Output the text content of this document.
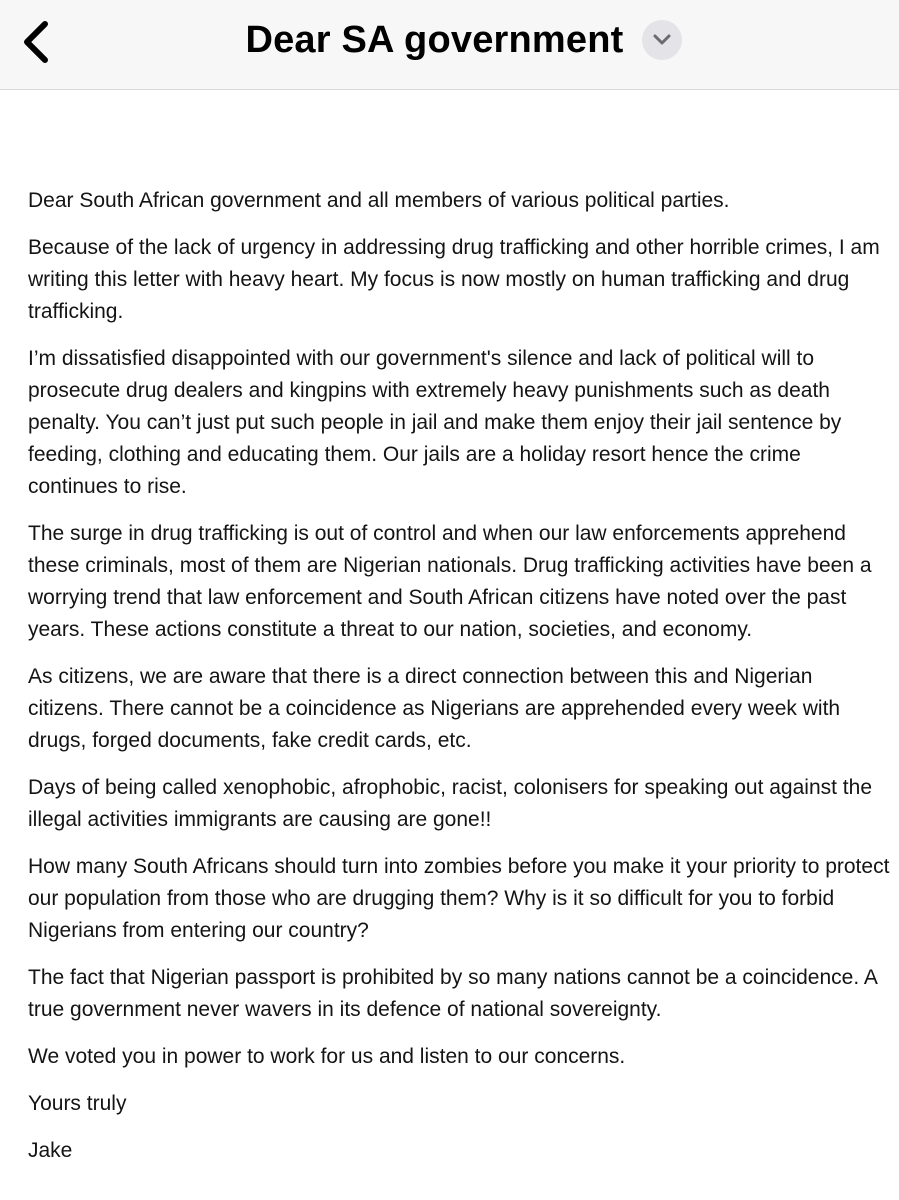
Dear SA government

Dear South African government and all members of various political parties.

Because of the lack of urgency in addressing drug trafficking and other horrible crimes, I am writing this letter with heavy heart. My focus is now mostly on human trafficking and drug trafficking.

I’m dissatisfied disappointed with our government's silence and lack of political will to prosecute drug dealers and kingpins with extremely heavy punishments such as death penalty. You can’t just put such people in jail and make them enjoy their jail sentence by feeding, clothing and educating them. Our jails are a holiday resort hence the crime continues to rise.

The surge in drug trafficking is out of control and when our law enforcements apprehend these criminals, most of them are Nigerian nationals. Drug trafficking activities have been a worrying trend that law enforcement and South African citizens have noted over the past years. These actions constitute a threat to our nation, societies, and economy.

As citizens, we are aware that there is a direct connection between this and Nigerian citizens. There cannot be a coincidence as Nigerians are apprehended every week with drugs, forged documents, fake credit cards, etc.

Days of being called xenophobic, afrophobic, racist, colonisers for speaking out against the illegal activities immigrants are causing are gone!!

How many South Africans should turn into zombies before you make it your priority to protect our population from those who are drugging them? Why is it so difficult for you to forbid Nigerians from entering our country?

The fact that Nigerian passport is prohibited by so many nations cannot be a coincidence. A true government never wavers in its defence of national sovereignty.

We voted you in power to work for us and listen to our concerns.

Yours truly

Jake
